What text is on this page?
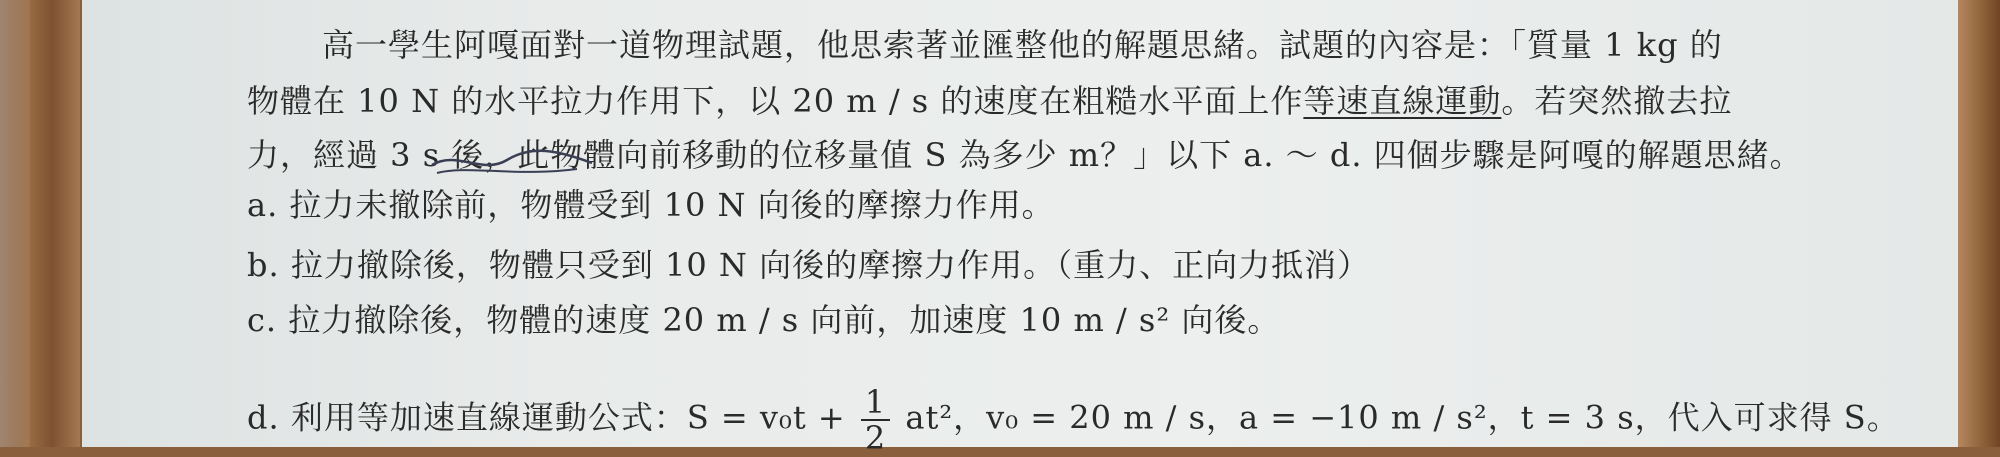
高一學生阿嘎面對一道物理試題，他思索著並匯整他的解題思緒。試題的內容是：「質量 1 kg 的
物體在 10 N 的水平拉力作用下，以 20 m / s 的速度在粗糙水平面上作等速直線運動。若突然撤去拉
力，經過 3 s 後，此物體向前移動的位移量值 S 為多少 m？」以下 a. ～ d. 四個步驟是阿嘎的解題思緒。
a. 拉力未撤除前，物體受到 10 N 向後的摩擦力作用。
b. 拉力撤除後，物體只受到 10 N 向後的摩擦力作用。（重力、正向力抵消）
c. 拉力撤除後，物體的速度 20 m / s 向前，加速度 10 m / s² 向後。
d. 利用等加速直線運動公式：$S = v_0t + \frac{1}{2} at^2$，v₀ = 20 m / s，a = −10 m / s²，t = 3 s，代入可求得 S。
